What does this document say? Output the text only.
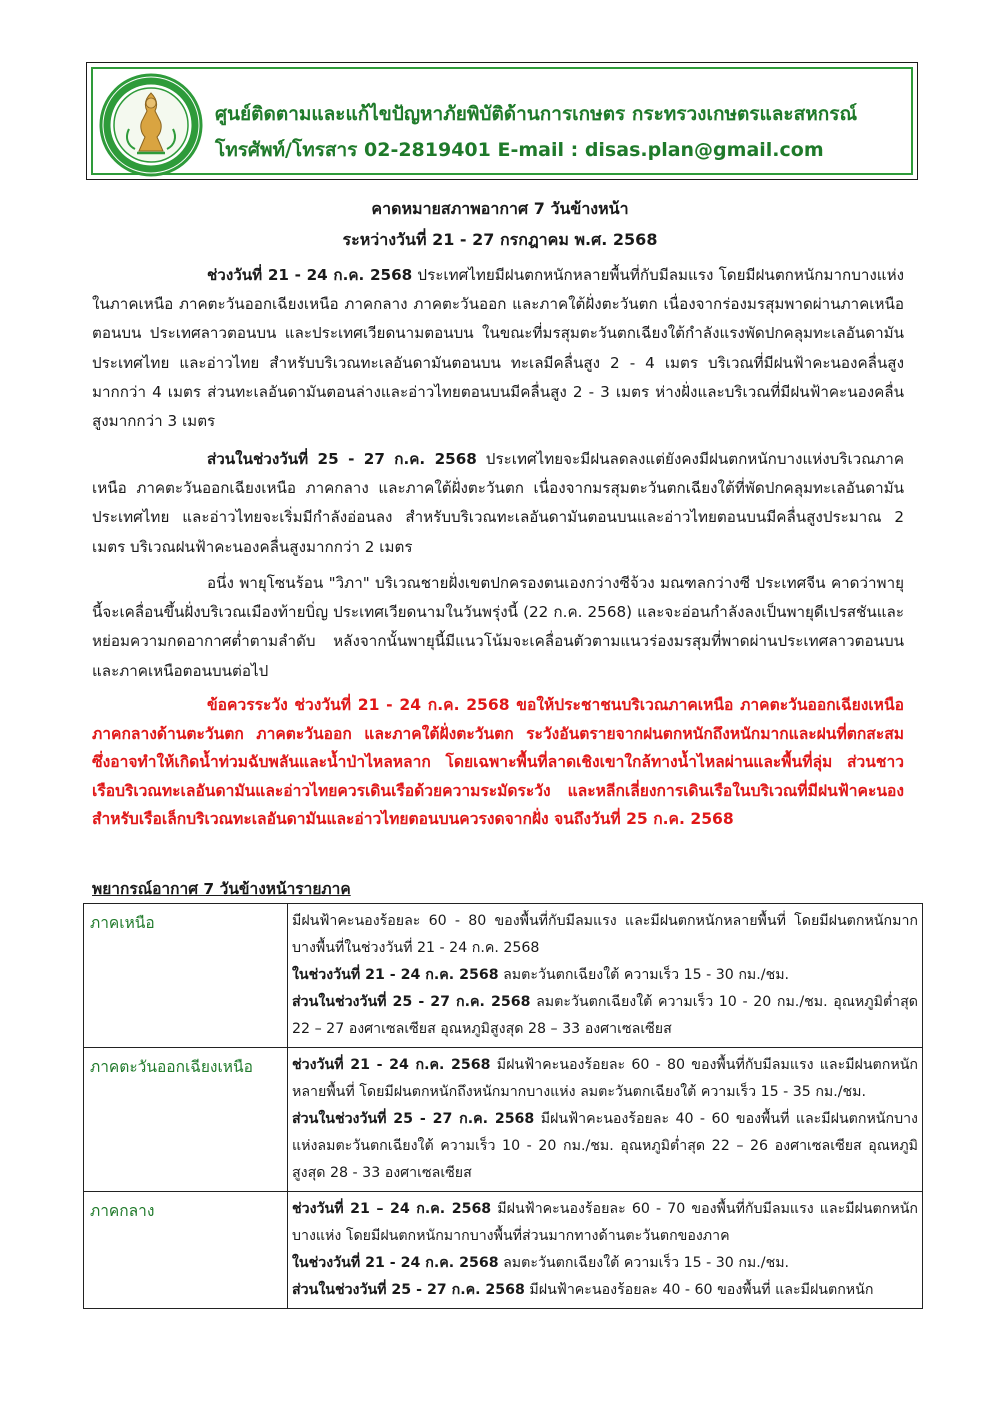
ศูนย์ติดตามและแก้ไขปัญหาภัยพิบัติด้านการเกษตร กระทรวงเกษตรและสหกรณ์
โทรศัพท์/โทรสาร 02-2819401 E-mail : disas.plan@gmail.com
คาดหมายสภาพอากาศ 7 วันข้างหน้า
ระหว่างวันที่ 21 - 27 กรกฎาคม พ.ศ. 2568

ช่วงวันที่ 21 - 24 ก.ค. 2568 ประเทศไทยมีฝนตกหนักหลายพื้นที่กับมีลมแรง โดยมีฝนตกหนักมากบางแห่งในภาคเหนือ ภาคตะวันออกเฉียงเหนือ ภาคกลาง ภาคตะวันออก และภาคใต้ฝั่งตะวันตก เนื่องจากร่องมรสุมพาดผ่านภาคเหนือตอนบน ประเทศลาวตอนบน และประเทศเวียดนามตอนบน ในขณะที่มรสุมตะวันตกเฉียงใต้กำลังแรงพัดปกคลุมทะเลอันดามัน ประเทศไทย และอ่าวไทย สำหรับบริเวณทะเลอันดามันตอนบน ทะเลมีคลื่นสูง 2 - 4 เมตร บริเวณที่มีฝนฟ้าคะนองคลื่นสูงมากกว่า 4 เมตร ส่วนทะเลอันดามันตอนล่างและอ่าวไทยตอนบนมีคลื่นสูง 2 - 3 เมตร ห่างฝั่งและบริเวณที่มีฝนฟ้าคะนองคลื่นสูงมากกว่า 3 เมตร

ส่วนในช่วงวันที่ 25 - 27 ก.ค. 2568 ประเทศไทยจะมีฝนลดลงแต่ยังคงมีฝนตกหนักบางแห่งบริเวณภาคเหนือ ภาคตะวันออกเฉียงเหนือ ภาคกลาง และภาคใต้ฝั่งตะวันตก เนื่องจากมรสุมตะวันตกเฉียงใต้ที่พัดปกคลุมทะเลอันดามัน ประเทศไทย และอ่าวไทยจะเริ่มมีกำลังอ่อนลง สำหรับบริเวณทะเลอันดามันตอนบนและอ่าวไทยตอนบนมีคลื่นสูงประมาณ 2 เมตร บริเวณฝนฟ้าคะนองคลื่นสูงมากกว่า 2 เมตร

อนึ่ง พายุโซนร้อน "วิภา" บริเวณชายฝั่งเขตปกครองตนเองกว่างซีจ้วง มณฑลกว่างซี ประเทศจีน คาดว่าพายุนี้จะเคลื่อนขึ้นฝั่งบริเวณเมืองท้ายบิ่ญ ประเทศเวียดนามในวันพรุ่งนี้ (22 ก.ค. 2568) และจะอ่อนกำลังลงเป็นพายุดีเปรสชันและหย่อมความกดอากาศต่ำตามลำดับ หลังจากนั้นพายุนี้มีแนวโน้มจะเคลื่อนตัวตามแนวร่องมรสุมที่พาดผ่านประเทศลาวตอนบนและภาคเหนือตอนบนต่อไป

ข้อควรระวัง ช่วงวันที่ 21 - 24 ก.ค. 2568 ขอให้ประชาชนบริเวณภาคเหนือ ภาคตะวันออกเฉียงเหนือ ภาคกลางด้านตะวันตก ภาคตะวันออก และภาคใต้ฝั่งตะวันตก ระวังอันตรายจากฝนตกหนักถึงหนักมากและฝนที่ตกสะสม ซึ่งอาจทำให้เกิดน้ำท่วมฉับพลันและน้ำป่าไหลหลาก โดยเฉพาะพื้นที่ลาดเชิงเขาใกล้ทางน้ำไหลผ่านและพื้นที่ลุ่ม ส่วนชาวเรือบริเวณทะเลอันดามันและอ่าวไทยควรเดินเรือด้วยความระมัดระวัง และหลีกเลี่ยงการเดินเรือในบริเวณที่มีฝนฟ้าคะนอง สำหรับเรือเล็กบริเวณทะเลอันดามันและอ่าวไทยตอนบนควรงดจากฝั่ง จนถึงวันที่ 25 ก.ค. 2568

พยากรณ์อากาศ 7 วันข้างหน้ารายภาค
ภาคเหนือ	มีฝนฟ้าคะนองร้อยละ 60 - 80 ของพื้นที่กับมีลมแรง และมีฝนตกหนักหลายพื้นที่ โดยมีฝนตกหนักมากบางพื้นที่ในช่วงวันที่ 21 - 24 ก.ค. 2568
ในช่วงวันที่ 21 - 24 ก.ค. 2568 ลมตะวันตกเฉียงใต้ ความเร็ว 15 - 30 กม./ชม.
ส่วนในช่วงวันที่ 25 - 27 ก.ค. 2568 ลมตะวันตกเฉียงใต้ ความเร็ว 10 - 20 กม./ชม. อุณหภูมิต่ำสุด 22 – 27 องศาเซลเซียส อุณหภูมิสูงสุด 28 – 33 องศาเซลเซียส

ภาคตะวันออกเฉียงเหนือ	ช่วงวันที่ 21 - 24 ก.ค. 2568 มีฝนฟ้าคะนองร้อยละ 60 - 80 ของพื้นที่กับมีลมแรง และมีฝนตกหนักหลายพื้นที่ โดยมีฝนตกหนักถึงหนักมากบางแห่ง ลมตะวันตกเฉียงใต้ ความเร็ว 15 - 35 กม./ชม.
ส่วนในช่วงวันที่ 25 - 27 ก.ค. 2568 มีฝนฟ้าคะนองร้อยละ 40 - 60 ของพื้นที่ และมีฝนตกหนักบางแห่งลมตะวันตกเฉียงใต้ ความเร็ว 10 - 20 กม./ชม. อุณหภูมิต่ำสุด 22 – 26 องศาเซลเซียส อุณหภูมิสูงสุด 28 - 33 องศาเซลเซียส

ภาคกลาง	ช่วงวันที่ 21 – 24 ก.ค. 2568 มีฝนฟ้าคะนองร้อยละ 60 - 70 ของพื้นที่กับมีลมแรง และมีฝนตกหนักบางแห่ง โดยมีฝนตกหนักมากบางพื้นที่ส่วนมากทางด้านตะวันตกของภาค
ในช่วงวันที่ 21 - 24 ก.ค. 2568 ลมตะวันตกเฉียงใต้ ความเร็ว 15 - 30 กม./ชม.
ส่วนในช่วงวันที่ 25 - 27 ก.ค. 2568 มีฝนฟ้าคะนองร้อยละ 40 - 60 ของพื้นที่ และมีฝนตกหนัก
